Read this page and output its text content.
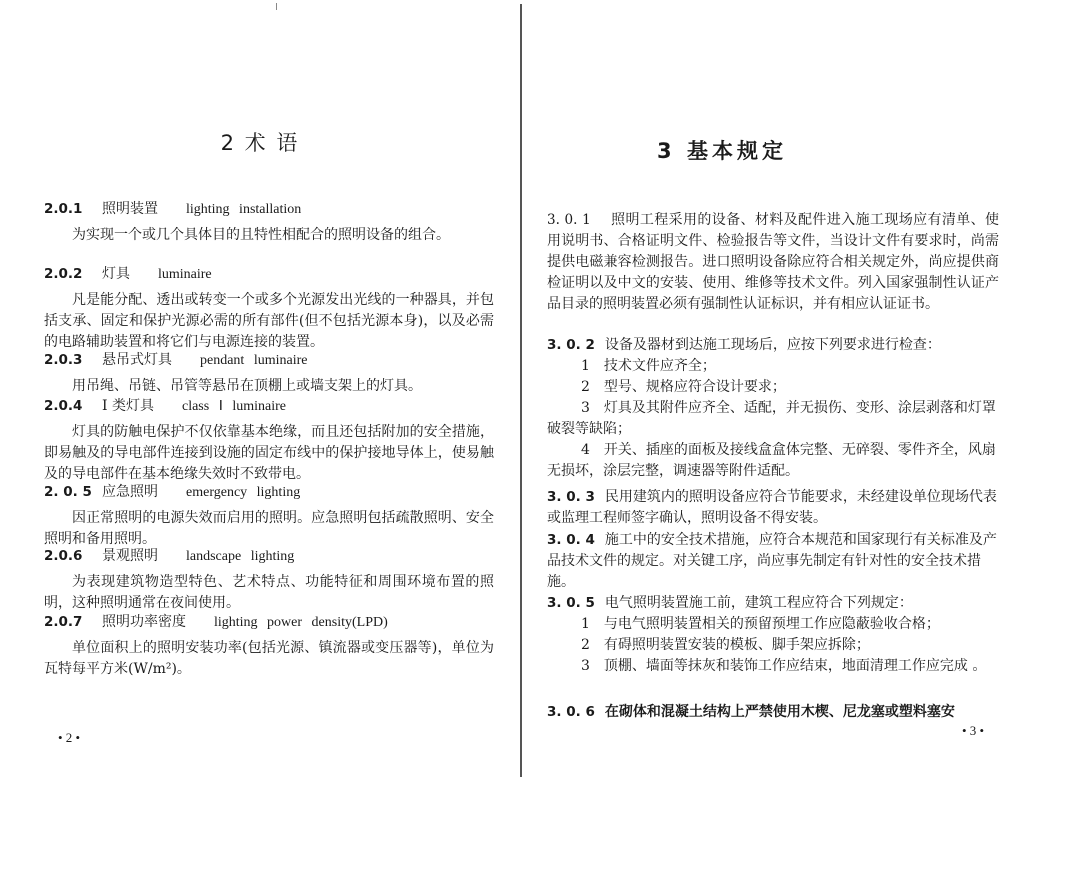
2 术 语
2.0.1	照明装置 lighting installation
为实现一个或几个具体目的且特性相配合的照明设备的组合。
2.0.2	灯具 luminaire
凡是能分配、透出或转变一个或多个光源发出光线的一种器具，并包括支承、固定和保护光源必需的所有部件(但不包括光源本身)，以及必需的电路辅助装置和将它们与电源连接的装置。
2.0.3	悬吊式灯具 pendant luminaire
用吊绳、吊链、吊管等悬吊在顶棚上或墙支架上的灯具。
2.0.4	Ⅰ 类灯具 class Ⅰ luminaire
灯具的防触电保护不仅依靠基本绝缘，而且还包括附加的安全措施，即易触及的导电部件连接到设施的固定布线中的保护接地导体上，使易触及的导电部件在基本绝缘失效时不致带电。
2. 0. 5 应急照明 emergency lighting
因正常照明的电源失效而启用的照明。应急照明包括疏散照明、安全照明和备用照明。
2.0.6	景观照明 landscape lighting
为表现建筑物造型特色、艺术特点、功能特征和周围环境布置的照明，这种照明通常在夜间使用。
2.0.7	照明功率密度 lighting power density(LPD)
单位面积上的照明安装功率(包括光源、镇流器或变压器等)，单位为瓦特每平方米(W/m²)。
• 2 •
3 基本规定
3. 0. 1 照明工程采用的设备、材料及配件进入施工现场应有清单、使用说明书、合格证明文件、检验报告等文件，当设计文件有要求时，尚需提供电磁兼容检测报告。进口照明设备除应符合相关规定外，尚应提供商检证明以及中文的安装、使用、维修等技术文件。列入国家强制性认证产品目录的照明装置必须有强制性认证标识，并有相应认证证书。
3. 0. 2 设备及器材到达施工现场后，应按下列要求进行检查：
1　技术文件应齐全；
2　型号、规格应符合设计要求；
3　灯具及其附件应齐全、适配，并无损伤、变形、涂层剥落和灯罩破裂等缺陷；
4　开关、插座的面板及接线盒盒体完整、无碎裂、零件齐全，风扇无损坏，涂层完整，调速器等附件适配。
3. 0. 3 民用建筑内的照明设备应符合节能要求，未经建设单位现场代表或监理工程师签字确认，照明设备不得安装。
3. 0. 4 施工中的安全技术措施，应符合本规范和国家现行有关标准及产品技术文件的规定。对关键工序，尚应事先制定有针对性的安全技术措施。
3. 0. 5 电气照明装置施工前，建筑工程应符合下列规定：
1　与电气照明装置相关的预留预埋工作应隐蔽验收合格；
2　有碍照明装置安装的模板、脚手架应拆除；
3　顶棚、墙面等抹灰和装饰工作应结束，地面清理工作应完成 。
3. 0. 6 在砌体和混凝土结构上严禁使用木楔、尼龙塞或塑料塞安
• 3 •
